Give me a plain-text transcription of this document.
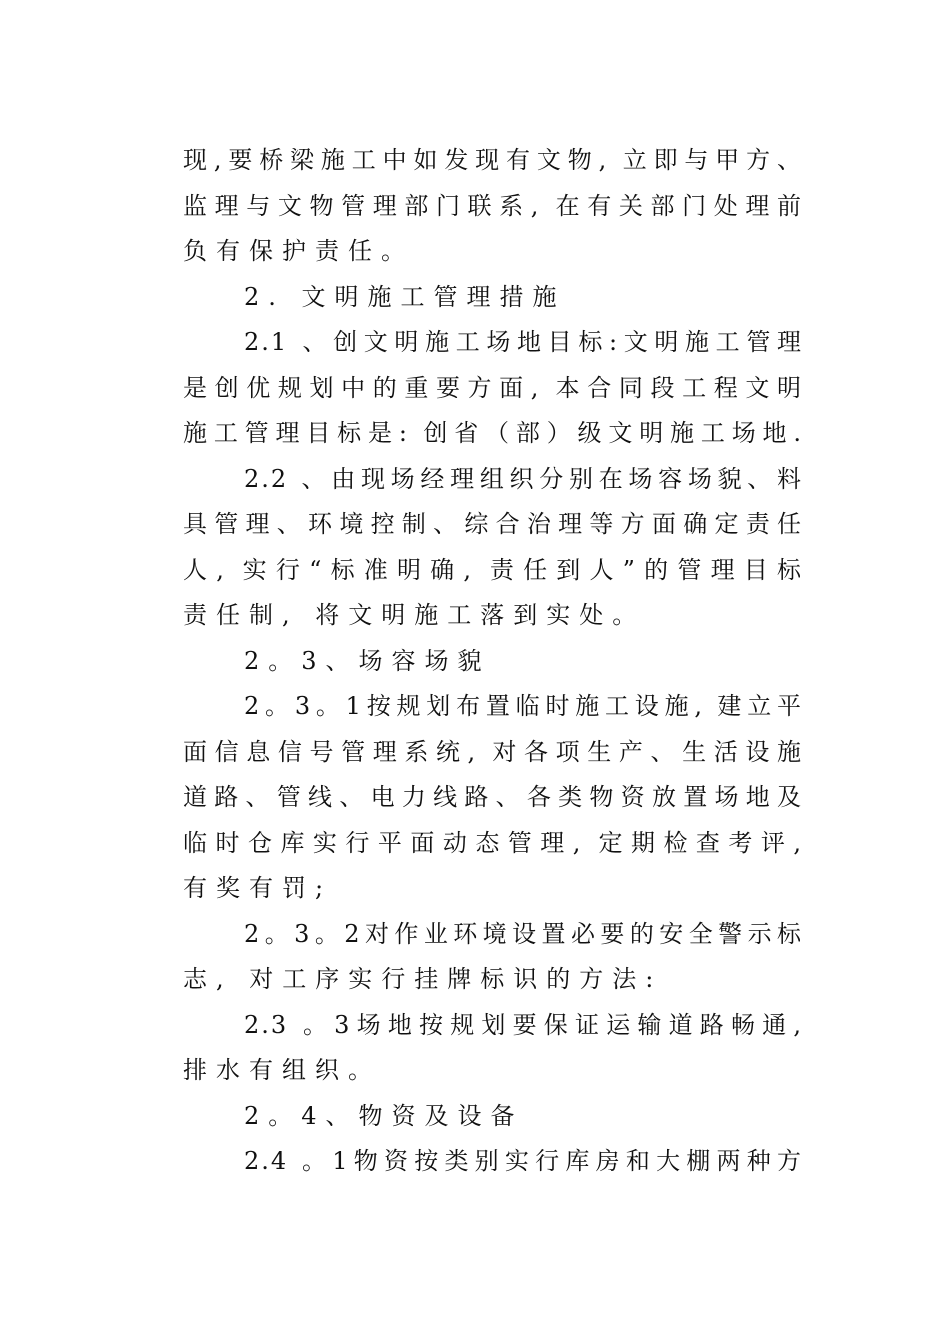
现,要桥梁施工中如发现有文物, 立即与甲方、
监理与文物管理部门联系, 在有关部门处理前
负有保护责任。
2. 文明施工管理措施
2.1 、创文明施工场地目标:文明施工管理
是创优规划中的重要方面, 本合同段工程文明
施工管理目标是: 创省（部）级文明施工场地.
2.2 、由现场经理组织分别在场容场貌、料
具管理、环境控制、综合治理等方面确定责任
人, 实行“标准明确, 责任到人”的管理目标
责任制, 将文明施工落到实处。
2。3、场容场貌
2。3。1按规划布置临时施工设施, 建立平
面信息信号管理系统, 对各项生产、生活设施
道路、管线、电力线路、各类物资放置场地及
临时仓库实行平面动态管理, 定期检查考评,
有奖有罚;
2。3。2对作业环境设置必要的安全警示标
志, 对工序实行挂牌标识的方法:
2.3 。3场地按规划要保证运输道路畅通,
排水有组织。
2。4、物资及设备
2.4 。1物资按类别实行库房和大棚两种方
